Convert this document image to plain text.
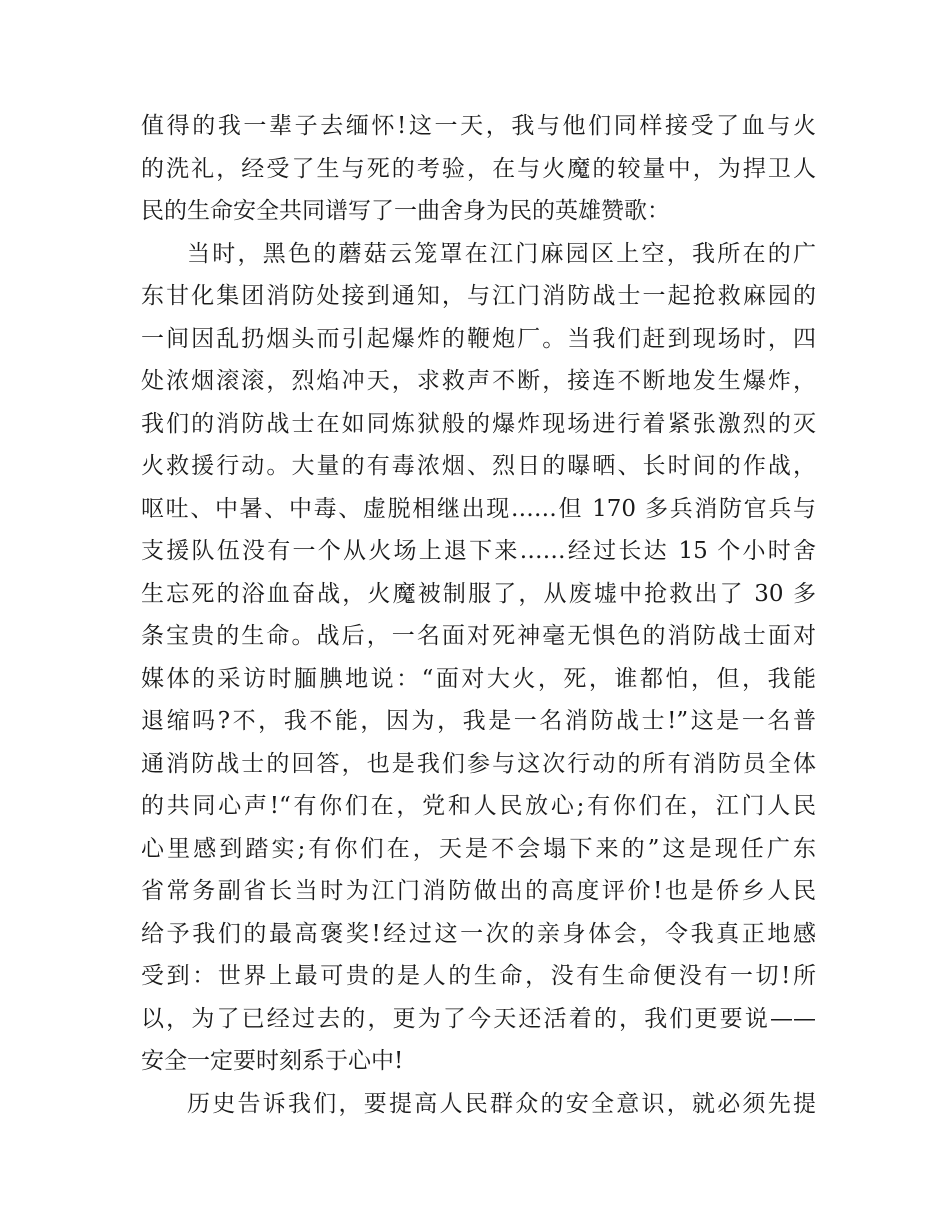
值得的我一辈子去缅怀!这一天，我与他们同样接受了血与火
的洗礼，经受了生与死的考验，在与火魔的较量中，为捍卫人
民的生命安全共同谱写了一曲舍身为民的英雄赞歌：
当时，黑色的蘑菇云笼罩在江门麻园区上空，我所在的广
东甘化集团消防处接到通知，与江门消防战士一起抢救麻园的
一间因乱扔烟头而引起爆炸的鞭炮厂。当我们赶到现场时，四
处浓烟滚滚，烈焰冲天，求救声不断，接连不断地发生爆炸，
我们的消防战士在如同炼狱般的爆炸现场进行着紧张激烈的灭
火救援行动。大量的有毒浓烟、烈日的曝晒、长时间的作战，
呕吐、中暑、中毒、虚脱相继出现……但 170 多兵消防官兵与
支援队伍没有一个从火场上退下来……经过长达 15 个小时舍
生忘死的浴血奋战，火魔被制服了，从废墟中抢救出了 30 多
条宝贵的生命。战后，一名面对死神毫无惧色的消防战士面对
媒体的采访时腼腆地说：“面对大火，死，谁都怕，但，我能
退缩吗?不，我不能，因为，我是一名消防战士!”这是一名普
通消防战士的回答，也是我们参与这次行动的所有消防员全体
的共同心声!“有你们在，党和人民放心;有你们在，江门人民
心里感到踏实;有你们在，天是不会塌下来的”这是现任广东
省常务副省长当时为江门消防做出的高度评价!也是侨乡人民
给予我们的最高褒奖!经过这一次的亲身体会，令我真正地感
受到：世界上最可贵的是人的生命，没有生命便没有一切!所
以，为了已经过去的，更为了今天还活着的，我们更要说——
安全一定要时刻系于心中!
历史告诉我们，要提高人民群众的安全意识，就必须先提
